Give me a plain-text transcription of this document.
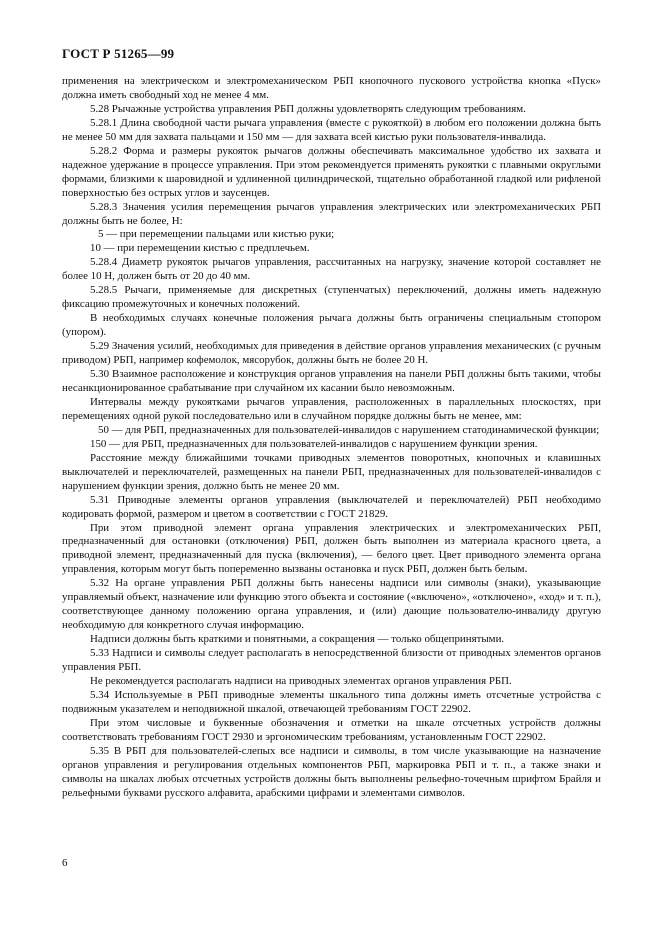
ГОСТ Р 51265—99

применения на электрическом и электромеханическом РБП кнопочного пускового устройства кнопка «Пуск» должна иметь свободный ход не менее 4 мм.

5.28 Рычажные устройства управления РБП должны удовлетворять следующим требованиям.

5.28.1 Длина свободной части рычага управления (вместе с рукояткой) в любом его положении должна быть не менее 50 мм для захвата пальцами и 150 мм — для захвата всей кистью руки пользователя-инвалида.

5.28.2 Форма и размеры рукояток рычагов должны обеспечивать максимальное удобство их захвата и надежное удержание в процессе управления. При этом рекомендуется применять рукоятки с плавными округлыми формами, близкими к шаровидной и удлиненной цилиндрической, тщательно обработанной гладкой или рифленой поверхностью без острых углов и заусенцев.

5.28.3 Значения усилия перемещения рычагов управления электрических или электромеханических РБП должны быть не более, Н:

5 — при перемещении пальцами или кистью руки;

10 — при перемещении кистью с предплечьем.

5.28.4 Диаметр рукояток рычагов управления, рассчитанных на нагрузку, значение которой составляет не более 10 Н, должен быть от 20 до 40 мм.

5.28.5 Рычаги, применяемые для дискретных (ступенчатых) переключений, должны иметь надежную фиксацию промежуточных и конечных положений.

В необходимых случаях конечные положения рычага должны быть ограничены специальным стопором (упором).

5.29 Значения усилий, необходимых для приведения в действие органов управления механических (с ручным приводом) РБП, например кофемолок, мясорубок, должны быть не более 20 Н.

5.30 Взаимное расположение и конструкция органов управления на панели РБП должны быть такими, чтобы несанкционированное срабатывание при случайном их касании было невозможным.

Интервалы между рукоятками рычагов управления, расположенных в параллельных плоскостях, при перемещениях одной рукой последовательно или в случайном порядке должны быть не менее, мм:

50 — для РБП, предназначенных для пользователей-инвалидов с нарушением статодинамической функции;

150 — для РБП, предназначенных для пользователей-инвалидов с нарушением функции зрения.

Расстояние между ближайшими точками приводных элементов поворотных, кнопочных и клавишных выключателей и переключателей, размещенных на панели РБП, предназначенных для пользователей-инвалидов с нарушением функции зрения, должно быть не менее 20 мм.

5.31 Приводные элементы органов управления (выключателей и переключателей) РБП необходимо кодировать формой, размером и цветом в соответствии с ГОСТ 21829.

При этом приводной элемент органа управления электрических и электромеханических РБП, предназначенный для остановки (отключения) РБП, должен быть выполнен из материала красного цвета, а приводной элемент, предназначенный для пуска (включения), — белого цвет. Цвет приводного элемента органа управления, которым могут быть попеременно вызваны остановка и пуск РБП, должен быть белым.

5.32 На органе управления РБП должны быть нанесены надписи или символы (знаки), указывающие управляемый объект, назначение или функцию этого объекта и состояние («включено», «отключено», «ход» и т. п.), соответствующее данному положению органа управления, и (или) дающие пользователю-инвалиду другую необходимую для конкретного случая информацию.

Надписи должны быть краткими и понятными, а сокращения — только общепринятыми.

5.33 Надписи и символы следует располагать в непосредственной близости от приводных элементов органов управления РБП.

Не рекомендуется располагать надписи на приводных элементах органов управления РБП.

5.34 Используемые в РБП приводные элементы шкального типа должны иметь отсчетные устройства с подвижным указателем и неподвижной шкалой, отвечающей требованиям ГОСТ 22902.

При этом числовые и буквенные обозначения и отметки на шкале отсчетных устройств должны соответствовать требованиям ГОСТ 2930 и эргономическим требованиям, установленным ГОСТ 22902.

5.35 В РБП для пользователей-слепых все надписи и символы, в том числе указывающие на назначение органов управления и регулирования отдельных компонентов РБП, маркировка РБП и т. п., а также знаки и символы на шкалах любых отсчетных устройств должны быть выполнены рельефно-точечным шрифтом Брайля и рельефными буквами русского алфавита, арабскими цифрами и элементами символов.

6
